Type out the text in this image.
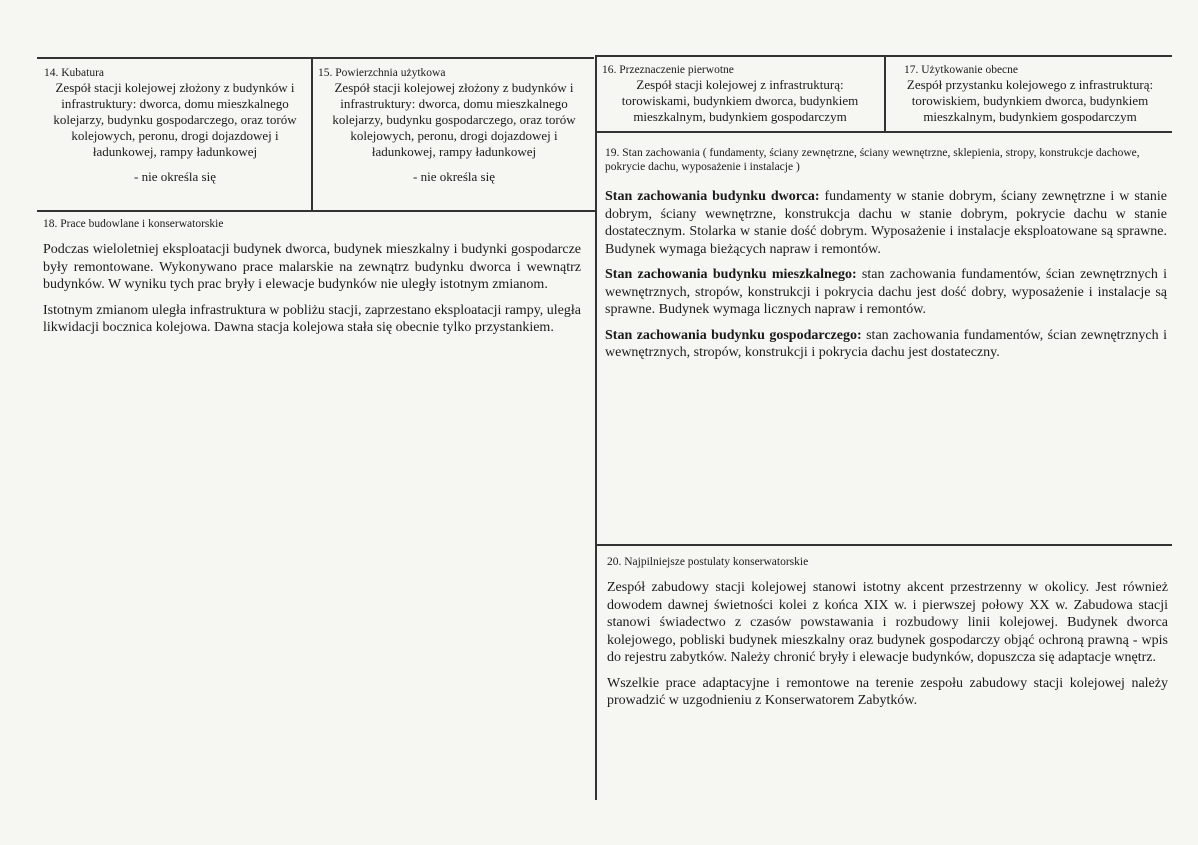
14. Kubatura
Zespół stacji kolejowej złożony z budynków i infrastruktury: dworca, domu mieszkalnego kolejarzy, budynku gospodarczego, oraz torów kolejowych, peronu, drogi dojazdowej i ładunkowej, rampy ładunkowej
- nie określa się
15. Powierzchnia użytkowa
Zespół stacji kolejowej złożony z budynków i infrastruktury: dworca, domu mieszkalnego kolejarzy, budynku gospodarczego, oraz torów kolejowych, peronu, drogi dojazdowej i ładunkowej, rampy ładunkowej
- nie określa się
16. Przeznaczenie pierwotne
Zespół stacji kolejowej z infrastrukturą: torowiskami, budynkiem dworca, budynkiem mieszkalnym, budynkiem gospodarczym
17. Użytkowanie obecne
Zespół przystanku kolejowego z infrastrukturą: torowiskiem, budynkiem dworca, budynkiem mieszkalnym, budynkiem gospodarczym
18. Prace budowlane i konserwatorskie

Podczas wieloletniej eksploatacji budynek dworca, budynek mieszkalny i budynki gospodarcze były remontowane. Wykonywano prace malarskie na zewnątrz budynku dworca i wewnątrz budynków. W wyniku tych prac bryły i elewacje budynków nie uległy istotnym zmianom.

Istotnym zmianom uległa infrastruktura w pobliżu stacji, zaprzestano eksploatacji rampy, uległa likwidacji bocznica kolejowa. Dawna stacja kolejowa stała się obecnie tylko przystankiem.

19. Stan zachowania ( fundamenty, ściany zewnętrzne, ściany wewnętrzne, sklepienia, stropy, konstrukcje dachowe, pokrycie dachu, wyposażenie i instalacje )

Stan zachowania budynku dworca: fundamenty w stanie dobrym, ściany zewnętrzne i w stanie dobrym, ściany wewnętrzne, konstrukcja dachu w stanie dobrym, pokrycie dachu w stanie dostatecznym. Stolarka w stanie dość dobrym. Wyposażenie i instalacje eksploatowane są sprawne. Budynek wymaga bieżących napraw i remontów.

Stan zachowania budynku mieszkalnego: stan zachowania fundamentów, ścian zewnętrznych i wewnętrznych, stropów, konstrukcji i pokrycia dachu jest dość dobry, wyposażenie i instalacje są sprawne. Budynek wymaga licznych napraw i remontów.

Stan zachowania budynku gospodarczego: stan zachowania fundamentów, ścian zewnętrznych i wewnętrznych, stropów, konstrukcji i pokrycia dachu jest dostateczny.

20. Najpilniejsze postulaty konserwatorskie

Zespół zabudowy stacji kolejowej stanowi istotny akcent przestrzenny w okolicy. Jest również dowodem dawnej świetności kolei z końca XIX w. i pierwszej połowy XX w. Zabudowa stacji stanowi świadectwo z czasów powstawania i rozbudowy linii kolejowej. Budynek dworca kolejowego, pobliski budynek mieszkalny oraz budynek gospodarczy objąć ochroną prawną - wpis do rejestru zabytków. Należy chronić bryły i elewacje budynków, dopuszcza się adaptacje wnętrz.

Wszelkie prace adaptacyjne i remontowe na terenie zespołu zabudowy stacji kolejowej należy prowadzić w uzgodnieniu z Konserwatorem Zabytków.
